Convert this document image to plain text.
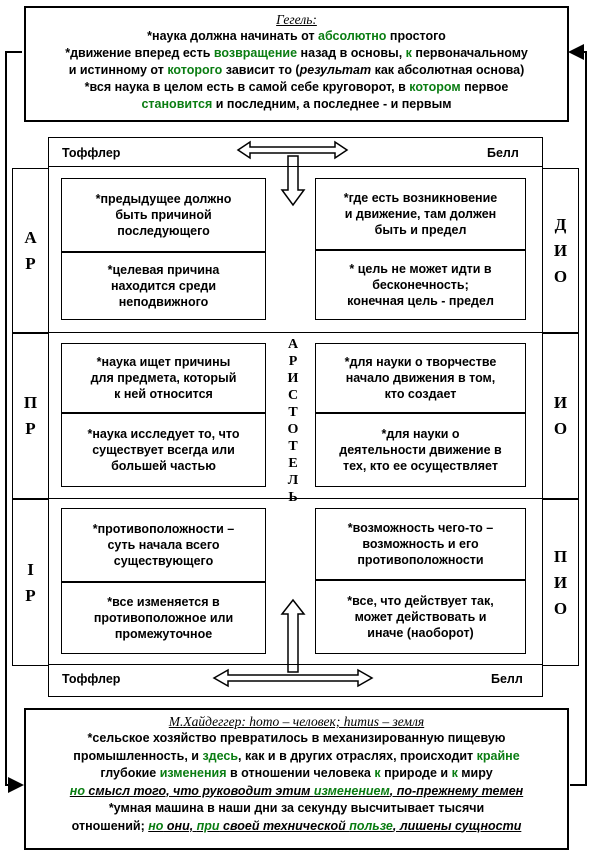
Гегель:
*наука должна начинать от абсолютно простого
*движение вперед есть возвращение назад в основы, к первоначальному
и истинному от которого зависит то (результат как абсолютная основа)
*вся наука в целом есть в самой себе круговорот, в котором первое
становится и последним, а последнее - и первым
Тоффлер	Белл
Тоффлер	Белл
А
Р
П
Р
І
Р
Д
И
О
И
О
П
И
О
*предыдущее должно
быть причиной
последующего
*целевая причина
находится среди
неподвижного
*наука ищет причины
для предмета, который
к ней относится
*наука исследует то, что
существует всегда или
большей частью
*противоположности –
суть начала всего
существующего
*все изменяется в
противоположное или
промежуточное
А
Р
И
С
Т
О
Т
Е
Л
Ь
*где есть возникновение
и движение, там должен
быть и предел
* цель не может идти в
бесконечность;
конечная цель - предел
*для науки о творчестве
начало движения в том,
кто создает
*для науки о
деятельности движение в
тех, кто ее осуществляет
*возможность чего-то –
возможность и его
противоположности
*все, что действует так,
может действовать и
иначе (наоборот)
М.Хайдеггер: homo – человек; humus – земля
*сельское хозяйство превратилось в механизированную пищевую
промышленность, и здесь, как и в других отраслях, происходит крайне
глубокие изменения в отношении человека к природе и к миру
но смысл того, что руководит этим изменением, по-прежнему темен
*умная машина в наши дни за секунду высчитывает тысячи
отношений; но они, при своей технической пользе, лишены сущности
